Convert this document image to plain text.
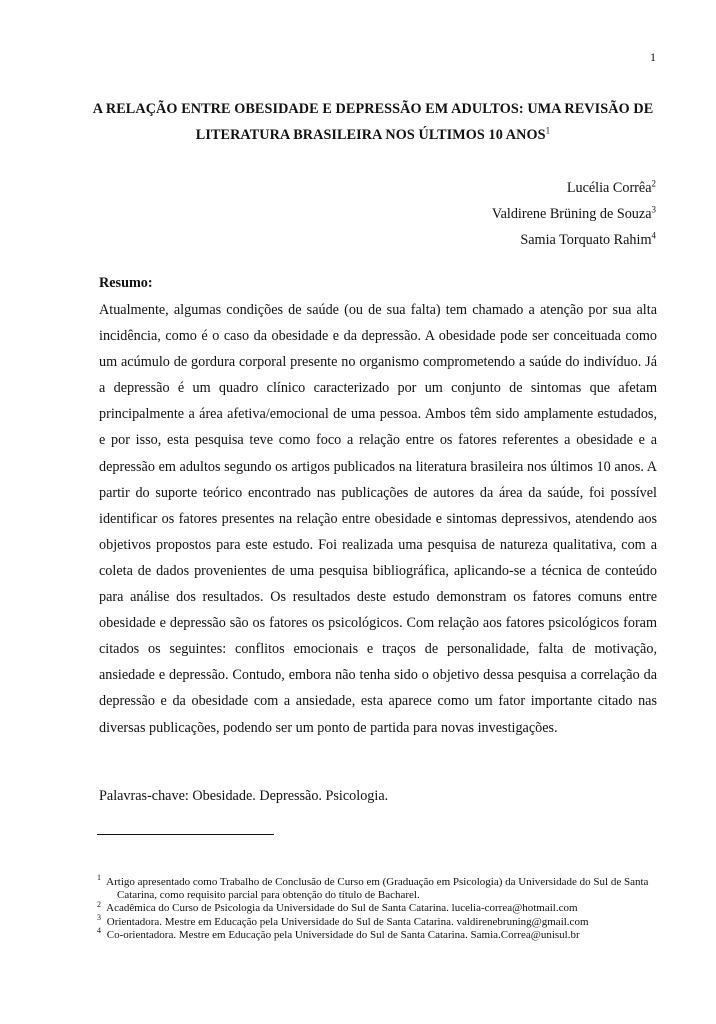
1
A RELAÇÃO ENTRE OBESIDADE E DEPRESSÃO EM ADULTOS: UMA REVISÃO DE LITERATURA BRASILEIRA NOS ÚLTIMOS 10 ANOS$^1$
Lucélia Corrêa$^2$
Valdirene Brüning de Souza$^3$
Samia Torquato Rahim$^4$
Resumo:
Atualmente, algumas condições de saúde (ou de sua falta) tem chamado a atenção por sua alta incidência, como é o caso da obesidade e da depressão. A obesidade pode ser conceituada como um acúmulo de gordura corporal presente no organismo comprometendo a saúde do indivíduo. Já a depressão é um quadro clínico caracterizado por um conjunto de sintomas que afetam principalmente a área afetiva/emocional de uma pessoa. Ambos têm sido amplamente estudados, e por isso, esta pesquisa teve como foco a relação entre os fatores referentes a obesidade e a depressão em adultos segundo os artigos publicados na literatura brasileira nos últimos 10 anos. A partir do suporte teórico encontrado nas publicações de autores da área da saúde, foi possível identificar os fatores presentes na relação entre obesidade e sintomas depressivos, atendendo aos objetivos propostos para este estudo. Foi realizada uma pesquisa de natureza qualitativa, com a coleta de dados provenientes de uma pesquisa bibliográfica, aplicando-se a técnica de conteúdo para análise dos resultados. Os resultados deste estudo demonstram os fatores comuns entre obesidade e depressão são os fatores os psicológicos. Com relação aos fatores psicológicos foram citados os seguintes: conflitos emocionais e traços de personalidade, falta de motivação, ansiedade e depressão. Contudo, embora não tenha sido o objetivo dessa pesquisa a correlação da depressão e da obesidade com a ansiedade, esta aparece como um fator importante citado nas diversas publicações, podendo ser um ponto de partida para novas investigações.
Palavras-chave: Obesidade. Depressão. Psicologia.
1 Artigo apresentado como Trabalho de Conclusão de Curso em (Graduação em Psicologia) da Universidade do Sul de Santa Catarina, como requisito parcial para obtenção do título de Bacharel.
2 Acadêmica do Curso de Psicologia da Universidade do Sul de Santa Catarina. lucelia-correa@hotmail.com
3 Orientadora. Mestre em Educação pela Universidade do Sul de Santa Catarina. valdirenebruning@gmail.com
4 Co-orientadora. Mestre em Educação pela Universidade do Sul de Santa Catarina. Samia.Correa@unisul.br
